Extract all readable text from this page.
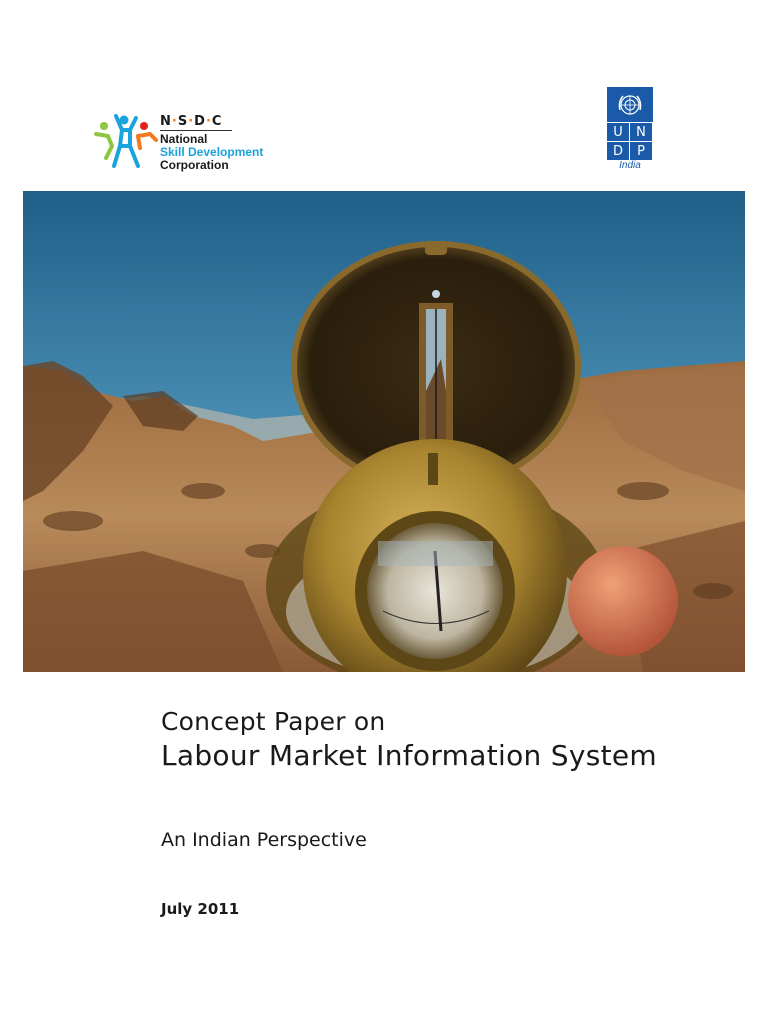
N·S·D·C
National
Skill Development
Corporation
U	N
D	P
India
Concept Paper on
Labour Market Information System
An Indian Perspective
July 2011
